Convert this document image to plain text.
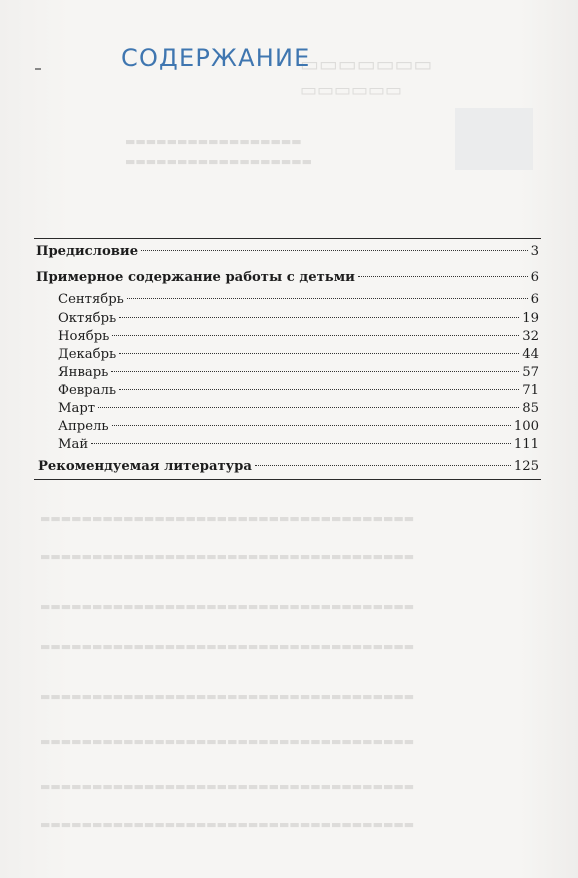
▭▭▭▭▭▭▭
▭▭▭▭▭▭
▬▬▬▬▬▬▬▬▬▬▬▬▬▬▬▬▬
▬▬▬▬▬▬▬▬▬▬▬▬▬▬▬▬▬▬
▬▬▬▬▬▬▬▬▬▬▬▬▬▬▬▬▬▬▬▬▬▬▬▬▬▬▬▬▬▬▬▬▬▬▬▬
▬▬▬▬▬▬▬▬▬▬▬▬▬▬▬▬▬▬▬▬▬▬▬▬▬▬▬▬▬▬▬▬▬▬▬▬
▬▬▬▬▬▬▬▬▬▬▬▬▬▬▬▬▬▬▬▬▬▬▬▬▬▬▬▬▬▬▬▬▬▬▬▬
▬▬▬▬▬▬▬▬▬▬▬▬▬▬▬▬▬▬▬▬▬▬▬▬▬▬▬▬▬▬▬▬▬▬▬▬
▬▬▬▬▬▬▬▬▬▬▬▬▬▬▬▬▬▬▬▬▬▬▬▬▬▬▬▬▬▬▬▬▬▬▬▬
▬▬▬▬▬▬▬▬▬▬▬▬▬▬▬▬▬▬▬▬▬▬▬▬▬▬▬▬▬▬▬▬▬▬▬▬
▬▬▬▬▬▬▬▬▬▬▬▬▬▬▬▬▬▬▬▬▬▬▬▬▬▬▬▬▬▬▬▬▬▬▬▬
▬▬▬▬▬▬▬▬▬▬▬▬▬▬▬▬▬▬▬▬▬▬▬▬▬▬▬▬▬▬▬▬▬▬▬▬
СОДЕРЖАНИЕ
Предисловие	3
Примерное содержание работы с детьми	6
Сентябрь	6
Октябрь	19
Ноябрь	32
Декабрь	44
Январь	57
Февраль	71
Март	85
Апрель	100
Май	111
Рекомендуемая литература	125
